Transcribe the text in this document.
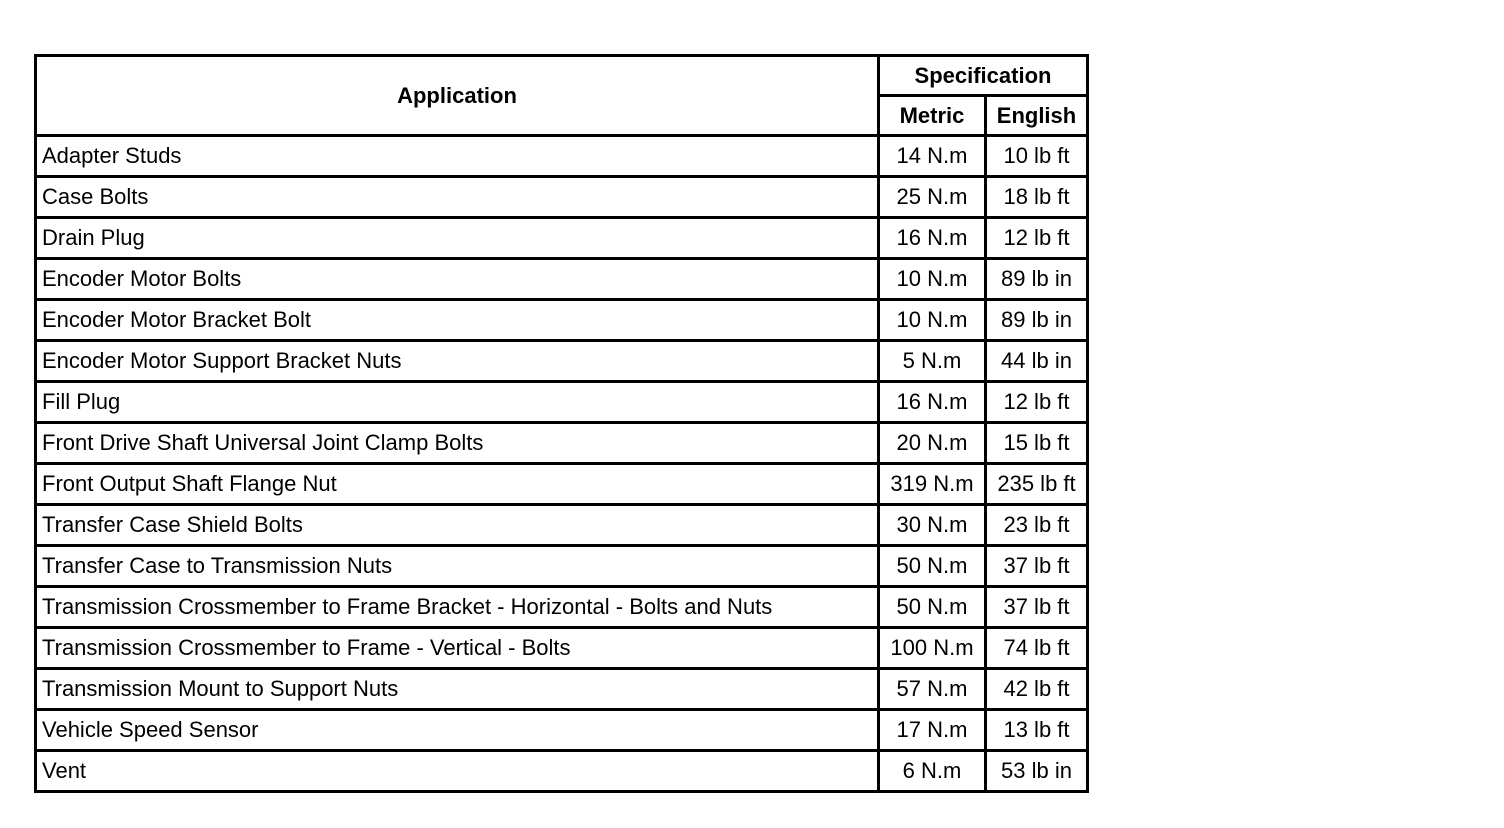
Application	Specification	
	Metric	English
Adapter Studs	14 N.m	10 lb ft
Case Bolts	25 N.m	18 lb ft
Drain Plug	16 N.m	12 lb ft
Encoder Motor Bolts	10 N.m	89 lb in
Encoder Motor Bracket Bolt	10 N.m	89 lb in
Encoder Motor Support Bracket Nuts	5 N.m	44 lb in
Fill Plug	16 N.m	12 lb ft
Front Drive Shaft Universal Joint Clamp Bolts	20 N.m	15 lb ft
Front Output Shaft Flange Nut	319 N.m	235 lb ft
Transfer Case Shield Bolts	30 N.m	23 lb ft
Transfer Case to Transmission Nuts	50 N.m	37 lb ft
Transmission Crossmember to Frame Bracket - Horizontal - Bolts and Nuts	50 N.m	37 lb ft
Transmission Crossmember to Frame - Vertical - Bolts	100 N.m	74 lb ft
Transmission Mount to Support Nuts	57 N.m	42 lb ft
Vehicle Speed Sensor	17 N.m	13 lb ft
Vent	6 N.m	53 lb in
